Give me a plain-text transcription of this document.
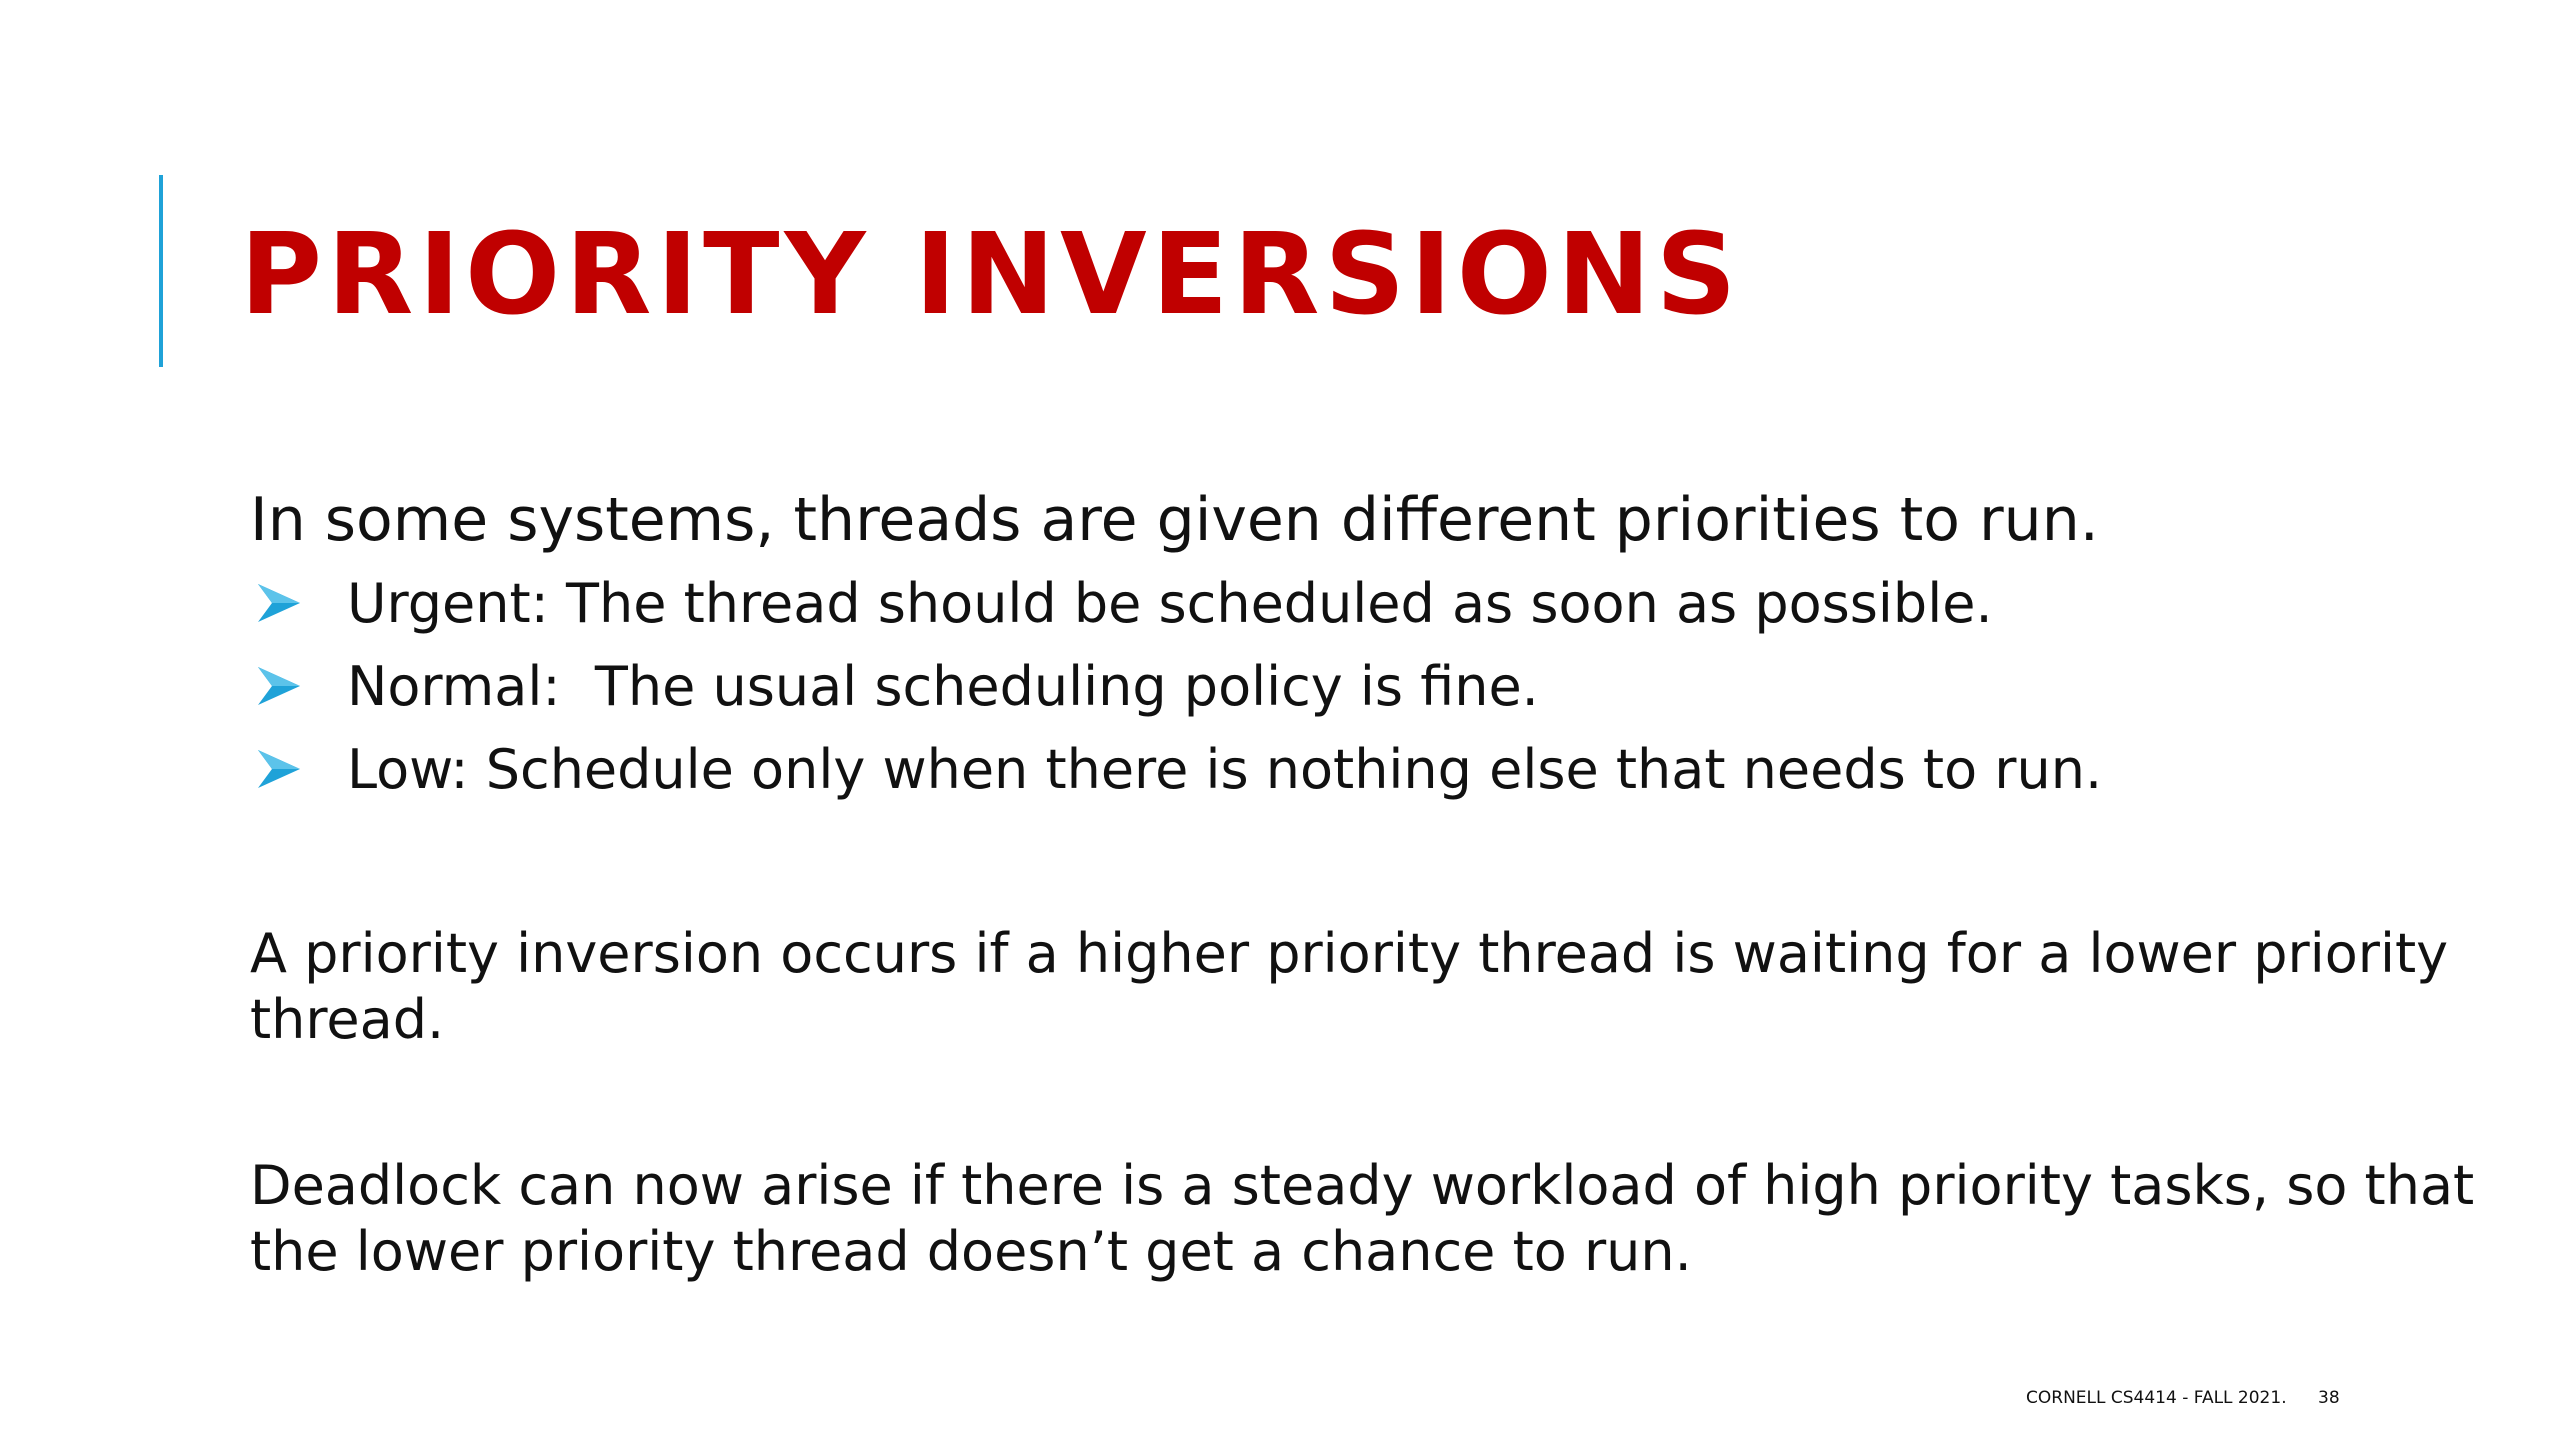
PRIORITY INVERSIONS

In some systems, threads are given different priorities to run.

Urgent: The thread should be scheduled as soon as possible.
Normal:  The usual scheduling policy is fine.
Low: Schedule only when there is nothing else that needs to run.

A priority inversion occurs if a higher priority thread is waiting for a lower priority thread.

Deadlock can now arise if there is a steady workload of high priority tasks, so that the lower priority thread doesn’t get a chance to run.

CORNELL CS4414 - FALL 2021. 38
